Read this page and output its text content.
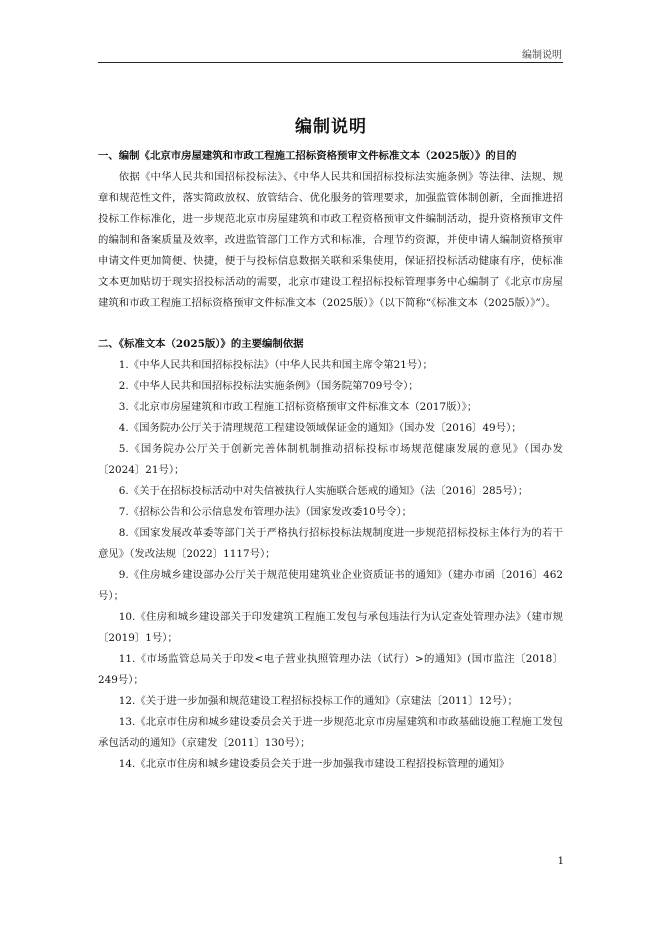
编制说明
编制说明

一、编制《北京市房屋建筑和市政工程施工招标资格预审文件标准文本（2025版）》的目的

依据《中华人民共和国招标投标法》、《中华人民共和国招标投标法实施条例》等法律、法规、规章和规范性文件，落实简政放权、放管结合、优化服务的管理要求，加强监管体制创新，全面推进招投标工作标准化，进一步规范北京市房屋建筑和市政工程资格预审文件编制活动，提升资格预审文件的编制和备案质量及效率，改进监管部门工作方式和标准，合理节约资源，并使申请人编制资格预审申请文件更加简便、快捷，便于与投标信息数据关联和采集使用，保证招投标活动健康有序，使标准文本更加贴切于现实招投标活动的需要，北京市建设工程招标投标管理事务中心编制了《北京市房屋建筑和市政工程施工招标资格预审文件标准文本（2025版）》（以下简称“《标准文本（2025版）》”）。

二、《标准文本（2025版）》的主要编制依据

1.《中华人民共和国招标投标法》（中华人民共和国主席令第21号）；

2.《中华人民共和国招标投标法实施条例》（国务院第709号令）；

3.《北京市房屋建筑和市政工程施工招标资格预审文件标准文本（2017版）》；

4.《国务院办公厅关于清理规范工程建设领域保证金的通知》（国办发〔2016〕49号）；

5.《国务院办公厅关于创新完善体制机制推动招标投标市场规范健康发展的意见》（国办发〔2024〕21号）；

6.《关于在招标投标活动中对失信被执行人实施联合惩戒的通知》（法〔2016〕285号）；

7.《招标公告和公示信息发布管理办法》（国家发改委10号令）；

8.《国家发展改革委等部门关于严格执行招标投标法规制度进一步规范招标投标主体行为的若干意见》（发改法规〔2022〕1117号）；

9.《住房城乡建设部办公厅关于规范使用建筑业企业资质证书的通知》（建办市函〔2016〕462号）；

10.《住房和城乡建设部关于印发建筑工程施工发包与承包违法行为认定查处管理办法》（建市规〔2019〕1号）；

11.《市场监管总局关于印发<电子营业执照管理办法（试行）>的通知》(国市监注〔2018〕249号）；

12.《关于进一步加强和规范建设工程招标投标工作的通知》（京建法〔2011〕12号）；

13.《北京市住房和城乡建设委员会关于进一步规范北京市房屋建筑和市政基础设施工程施工发包承包活动的通知》（京建发〔2011〕130号）；

14.《北京市住房和城乡建设委员会关于进一步加强我市建设工程招投标管理的通知》

1
